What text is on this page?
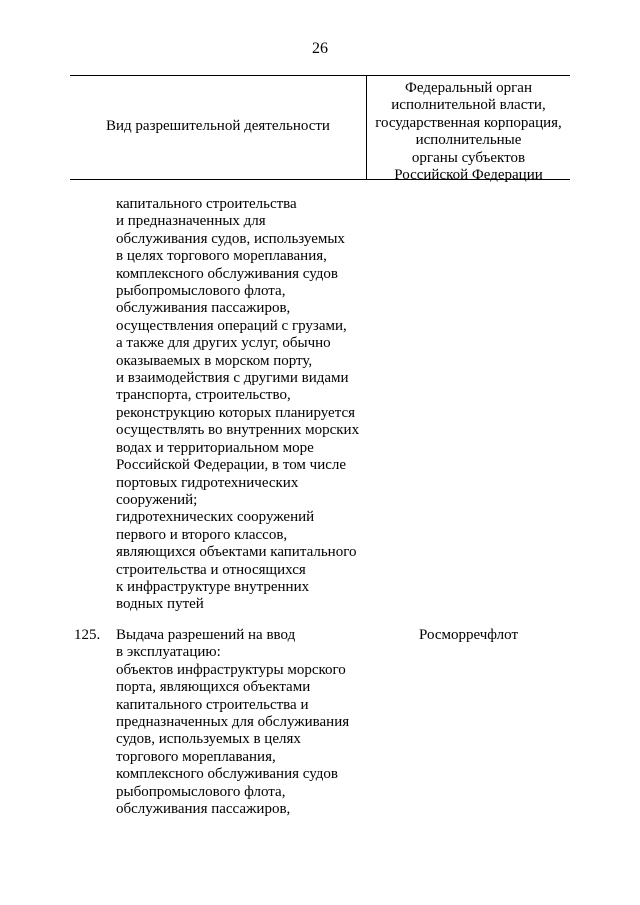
26
Вид разрешительной деятельности
Федеральный орган
исполнительной власти,
государственная корпорация,
исполнительные
органы субъектов
Российской Федерации
капитального строительства
и предназначенных для
обслуживания судов, используемых
в целях торгового мореплавания,
комплексного обслуживания судов
рыбопромыслового флота,
обслуживания пассажиров,
осуществления операций с грузами,
а также для других услуг, обычно
оказываемых в морском порту,
и взаимодействия с другими видами
транспорта, строительство,
реконструкцию которых планируется
осуществлять во внутренних морских
водах и территориальном море
Российской Федерации, в том числе
портовых гидротехнических
сооружений;
гидротехнических сооружений
первого и второго классов,
являющихся объектами капитального
строительства и относящихся
к инфраструктуре внутренних
водных путей
125. Выдача разрешений на ввод
в эксплуатацию:
объектов инфраструктуры морского
порта, являющихся объектами
капитального строительства и
предназначенных для обслуживания
судов, используемых в целях
торгового мореплавания,
комплексного обслуживания судов
рыбопромыслового флота,
обслуживания пассажиров,
Росморречфлот
